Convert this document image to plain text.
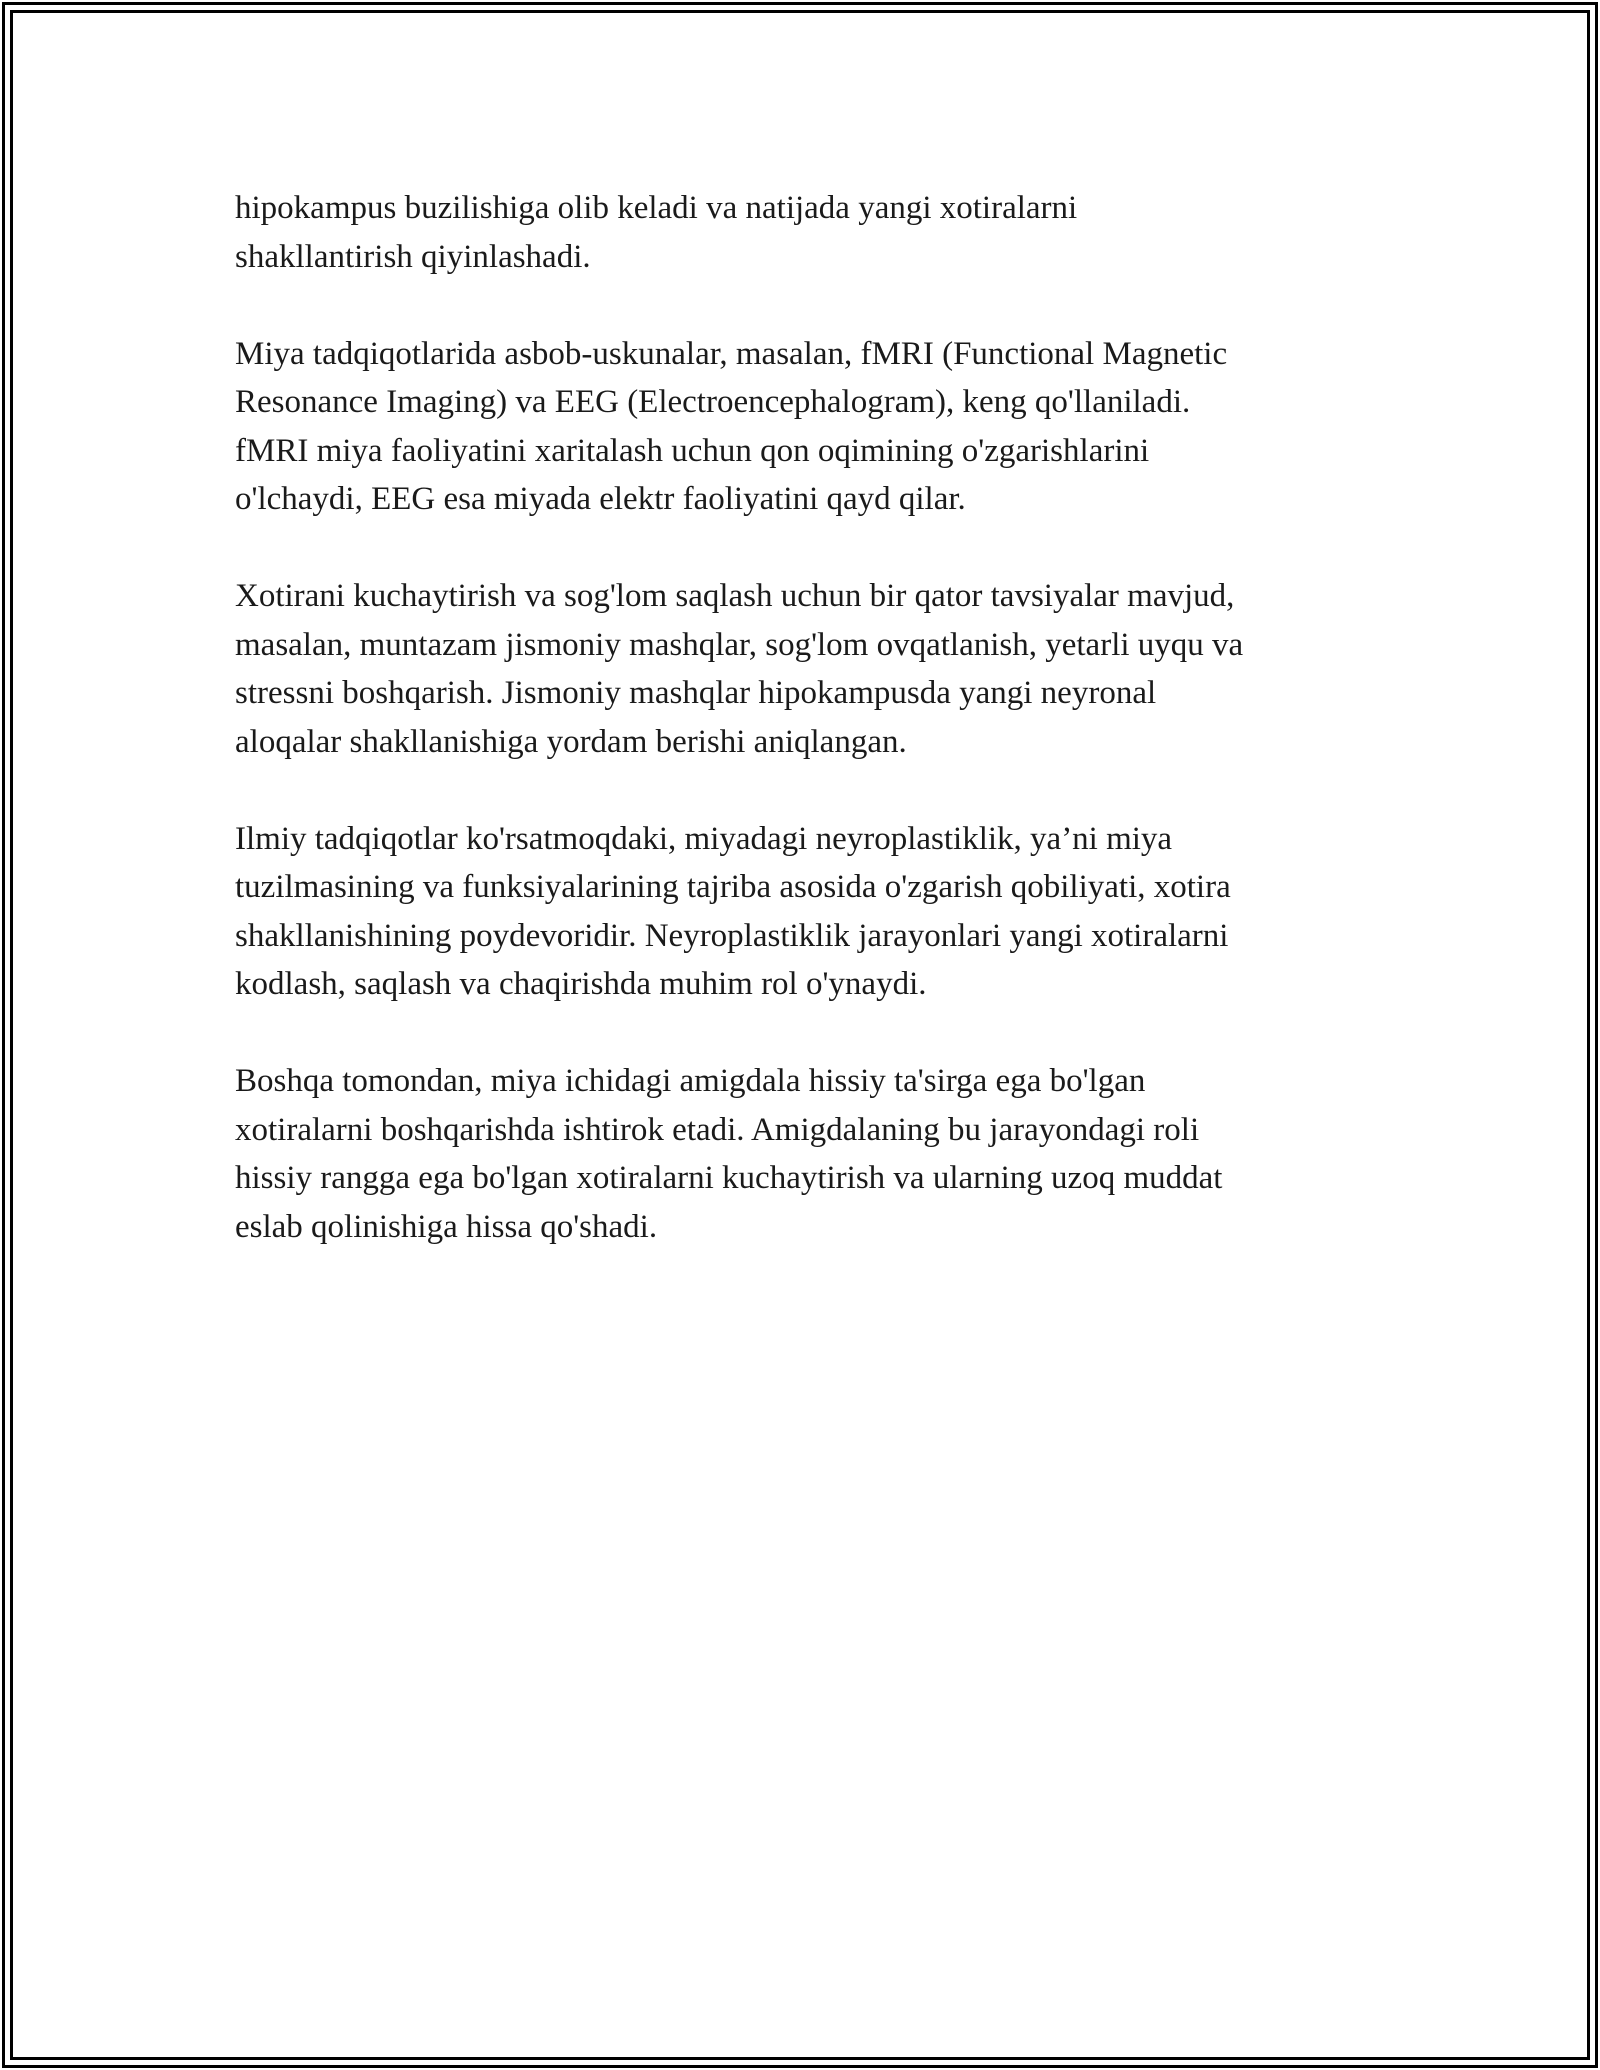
hipokampus buzilishiga olib keladi va natijada yangi xotiralarni
shakllantirish qiyinlashadi.

Miya tadqiqotlarida asbob-uskunalar, masalan, fMRI (Functional Magnetic
Resonance Imaging) va EEG (Electroencephalogram), keng qo'llaniladi.
fMRI miya faoliyatini xaritalash uchun qon oqimining o'zgarishlarini
o'lchaydi, EEG esa miyada elektr faoliyatini qayd qilar.

Xotirani kuchaytirish va sog'lom saqlash uchun bir qator tavsiyalar mavjud,
masalan, muntazam jismoniy mashqlar, sog'lom ovqatlanish, yetarli uyqu va
stressni boshqarish. Jismoniy mashqlar hipokampusda yangi neyronal
aloqalar shakllanishiga yordam berishi aniqlangan.

Ilmiy tadqiqotlar ko'rsatmoqdaki, miyadagi neyroplastiklik, ya’ni miya
tuzilmasining va funksiyalarining tajriba asosida o'zgarish qobiliyati, xotira
shakllanishining poydevoridir. Neyroplastiklik jarayonlari yangi xotiralarni
kodlash, saqlash va chaqirishda muhim rol o'ynaydi.

Boshqa tomondan, miya ichidagi amigdala hissiy ta'sirga ega bo'lgan
xotiralarni boshqarishda ishtirok etadi. Amigdalaning bu jarayondagi roli
hissiy rangga ega bo'lgan xotiralarni kuchaytirish va ularning uzoq muddat
eslab qolinishiga hissa qo'shadi.
